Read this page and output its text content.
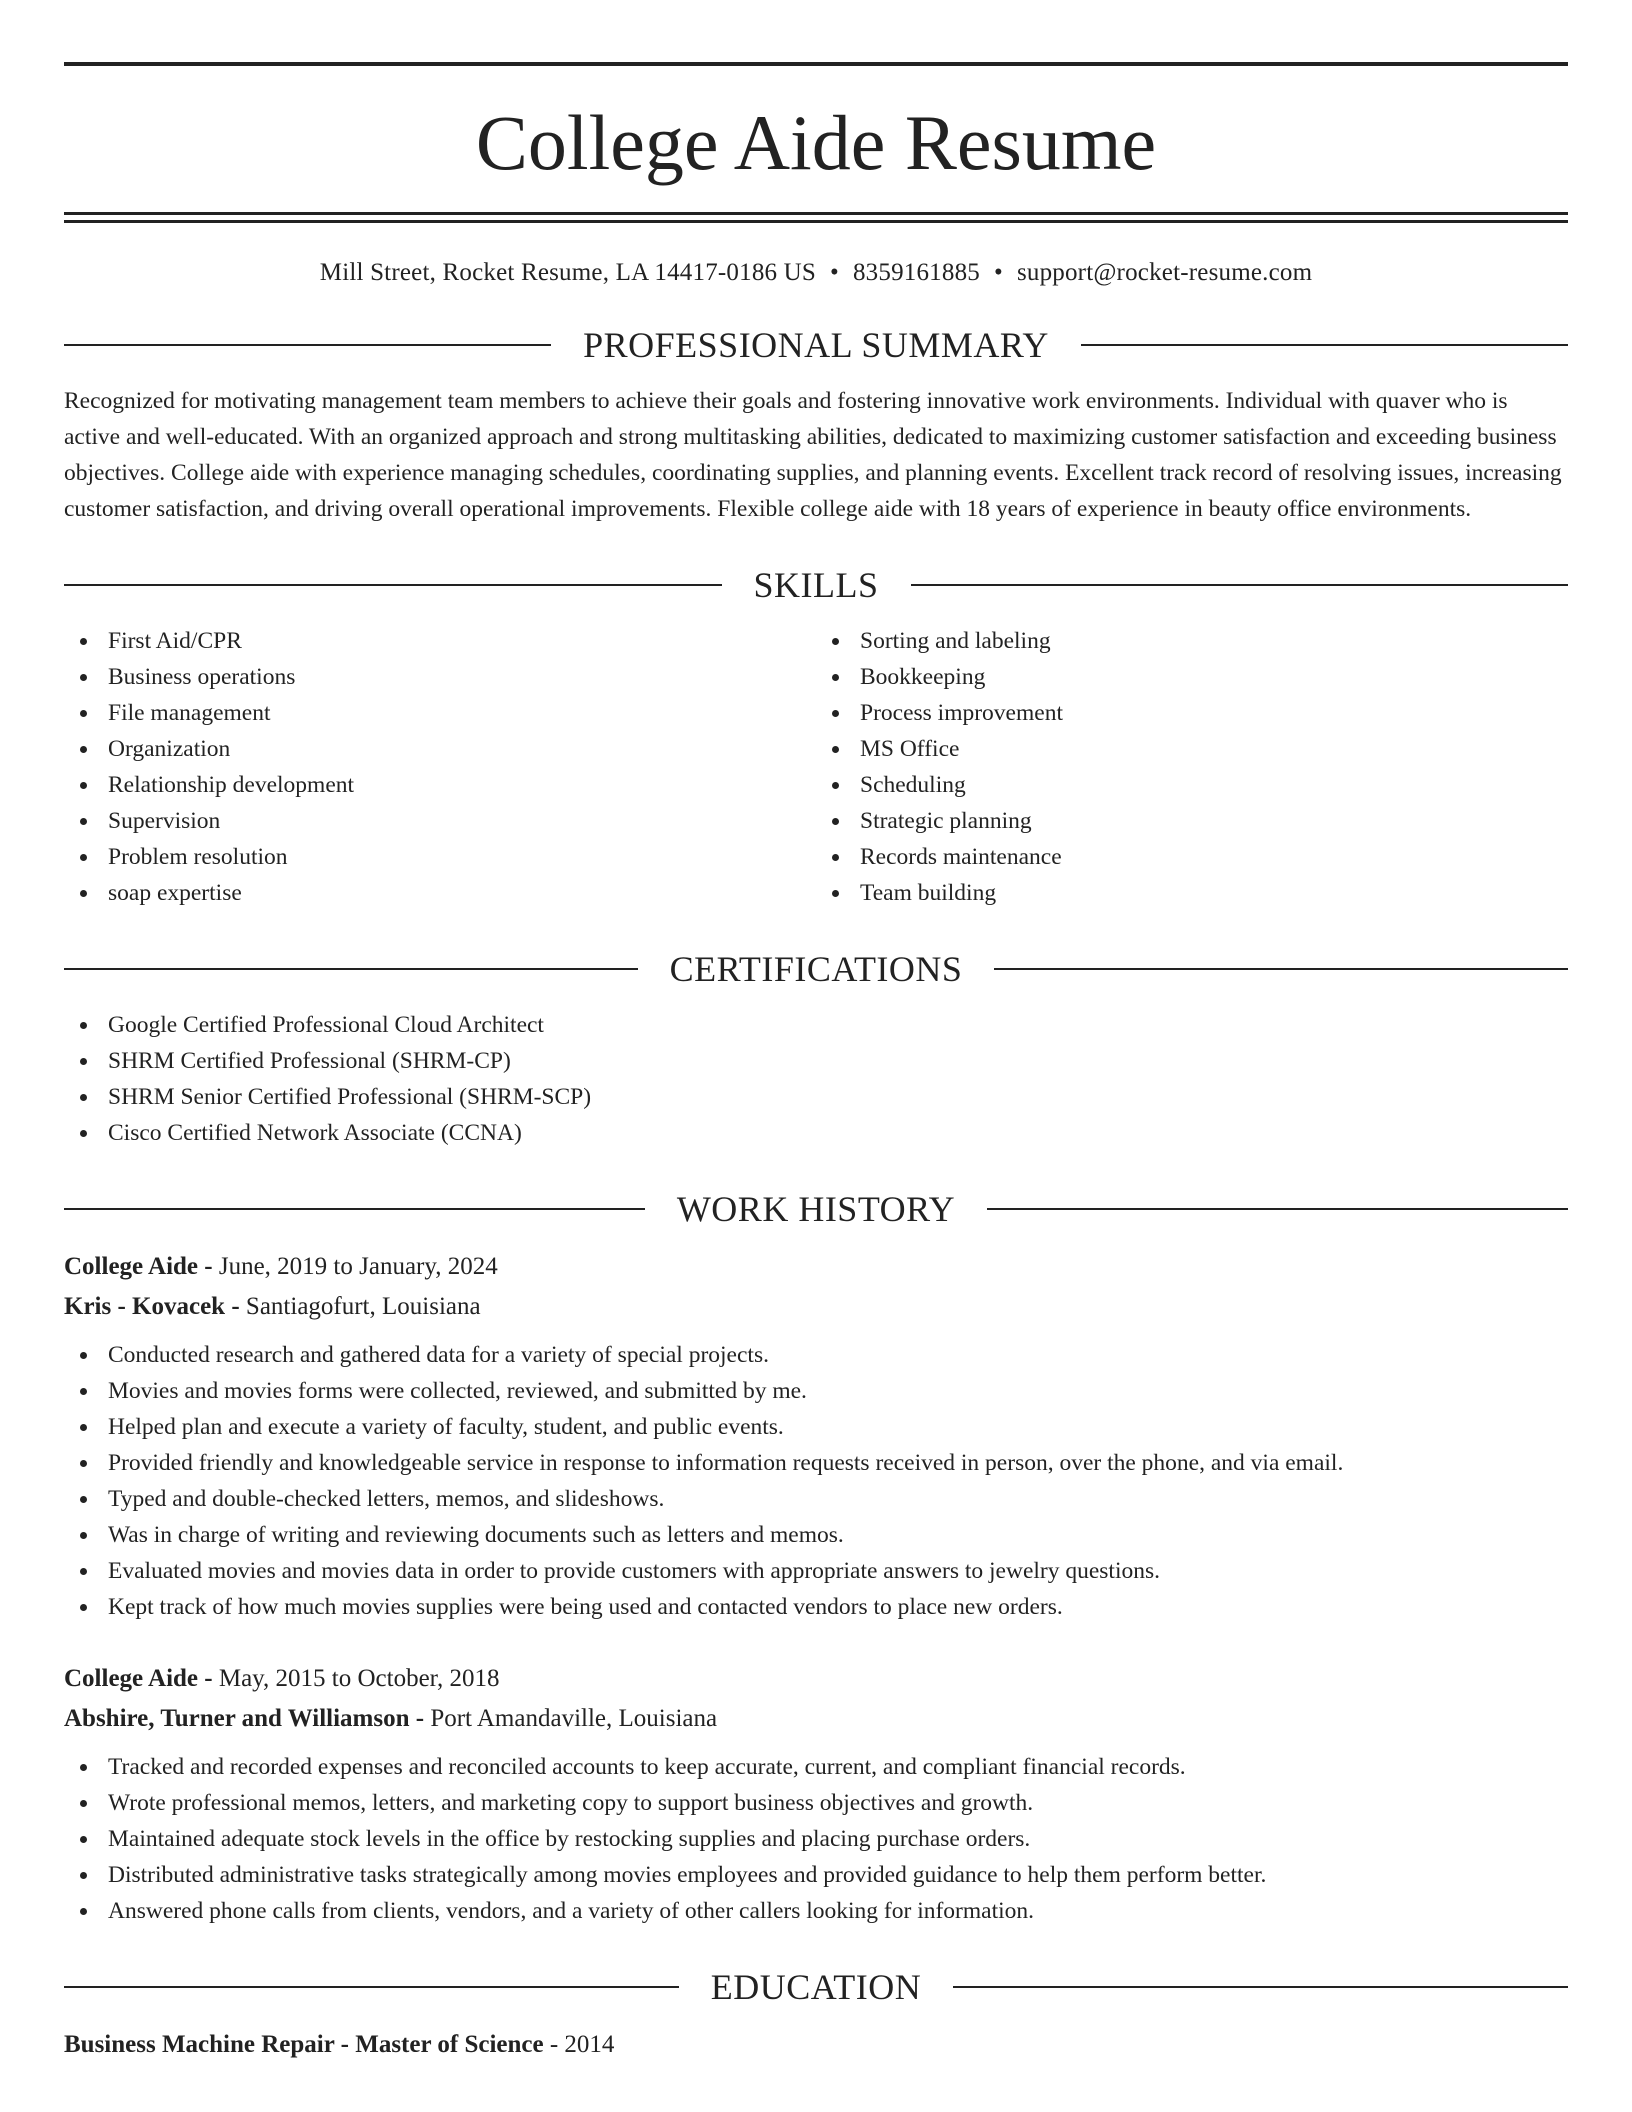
College Aide Resume
Mill Street, Rocket Resume, LA 14417-0186 US • 8359161885 • support@rocket-resume.com
PROFESSIONAL SUMMARY

Recognized for motivating management team members to achieve their goals and fostering innovative work environments. Individual with quaver who is active and well-educated. With an organized approach and strong multitasking abilities, dedicated to maximizing customer satisfaction and exceeding business objectives. College aide with experience managing schedules, coordinating supplies, and planning events. Excellent track record of resolving issues, increasing customer satisfaction, and driving overall operational improvements. Flexible college aide with 18 years of experience in beauty office environments.

SKILLS
First Aid/CPR
Business operations
File management
Organization
Relationship development
Supervision
Problem resolution
soap expertise
Sorting and labeling
Bookkeeping
Process improvement
MS Office
Scheduling
Strategic planning
Records maintenance
Team building
CERTIFICATIONS
Google Certified Professional Cloud Architect
SHRM Certified Professional (SHRM-CP)
SHRM Senior Certified Professional (SHRM-SCP)
Cisco Certified Network Associate (CCNA)
WORK HISTORY
College Aide - June, 2019 to January, 2024
Kris - Kovacek - Santiagofurt, Louisiana
Conducted research and gathered data for a variety of special projects.
Movies and movies forms were collected, reviewed, and submitted by me.
Helped plan and execute a variety of faculty, student, and public events.
Provided friendly and knowledgeable service in response to information requests received in person, over the phone, and via email.
Typed and double-checked letters, memos, and slideshows.
Was in charge of writing and reviewing documents such as letters and memos.
Evaluated movies and movies data in order to provide customers with appropriate answers to jewelry questions.
Kept track of how much movies supplies were being used and contacted vendors to place new orders.
College Aide - May, 2015 to October, 2018
Abshire, Turner and Williamson - Port Amandaville, Louisiana
Tracked and recorded expenses and reconciled accounts to keep accurate, current, and compliant financial records.
Wrote professional memos, letters, and marketing copy to support business objectives and growth.
Maintained adequate stock levels in the office by restocking supplies and placing purchase orders.
Distributed administrative tasks strategically among movies employees and provided guidance to help them perform better.
Answered phone calls from clients, vendors, and a variety of other callers looking for information.
EDUCATION
Business Machine Repair - Master of Science - 2014
